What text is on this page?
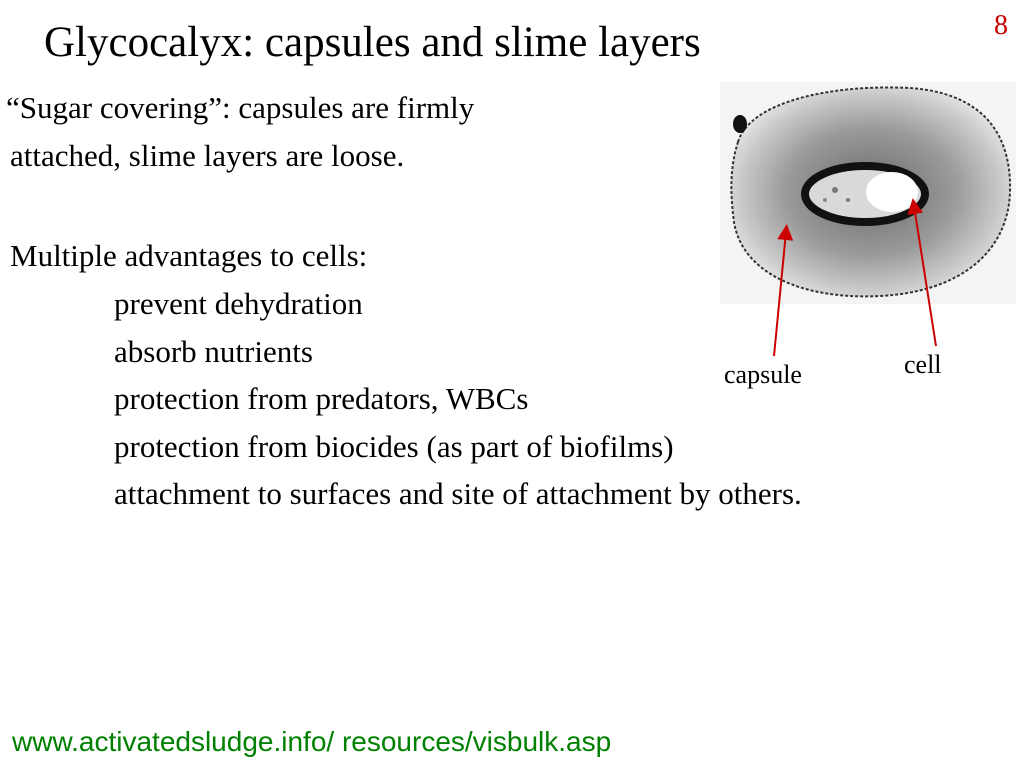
8
Glycocalyx: capsules and slime layers
“Sugar covering”: capsules are firmly
attached, slime layers are loose.
Multiple advantages to cells:
prevent dehydration
absorb nutrients
protection from predators, WBCs
protection from biocides (as part of biofilms)
attachment to surfaces and site of attachment by others.
capsule	cell
www.activatedsludge.info/ resources/visbulk.asp
